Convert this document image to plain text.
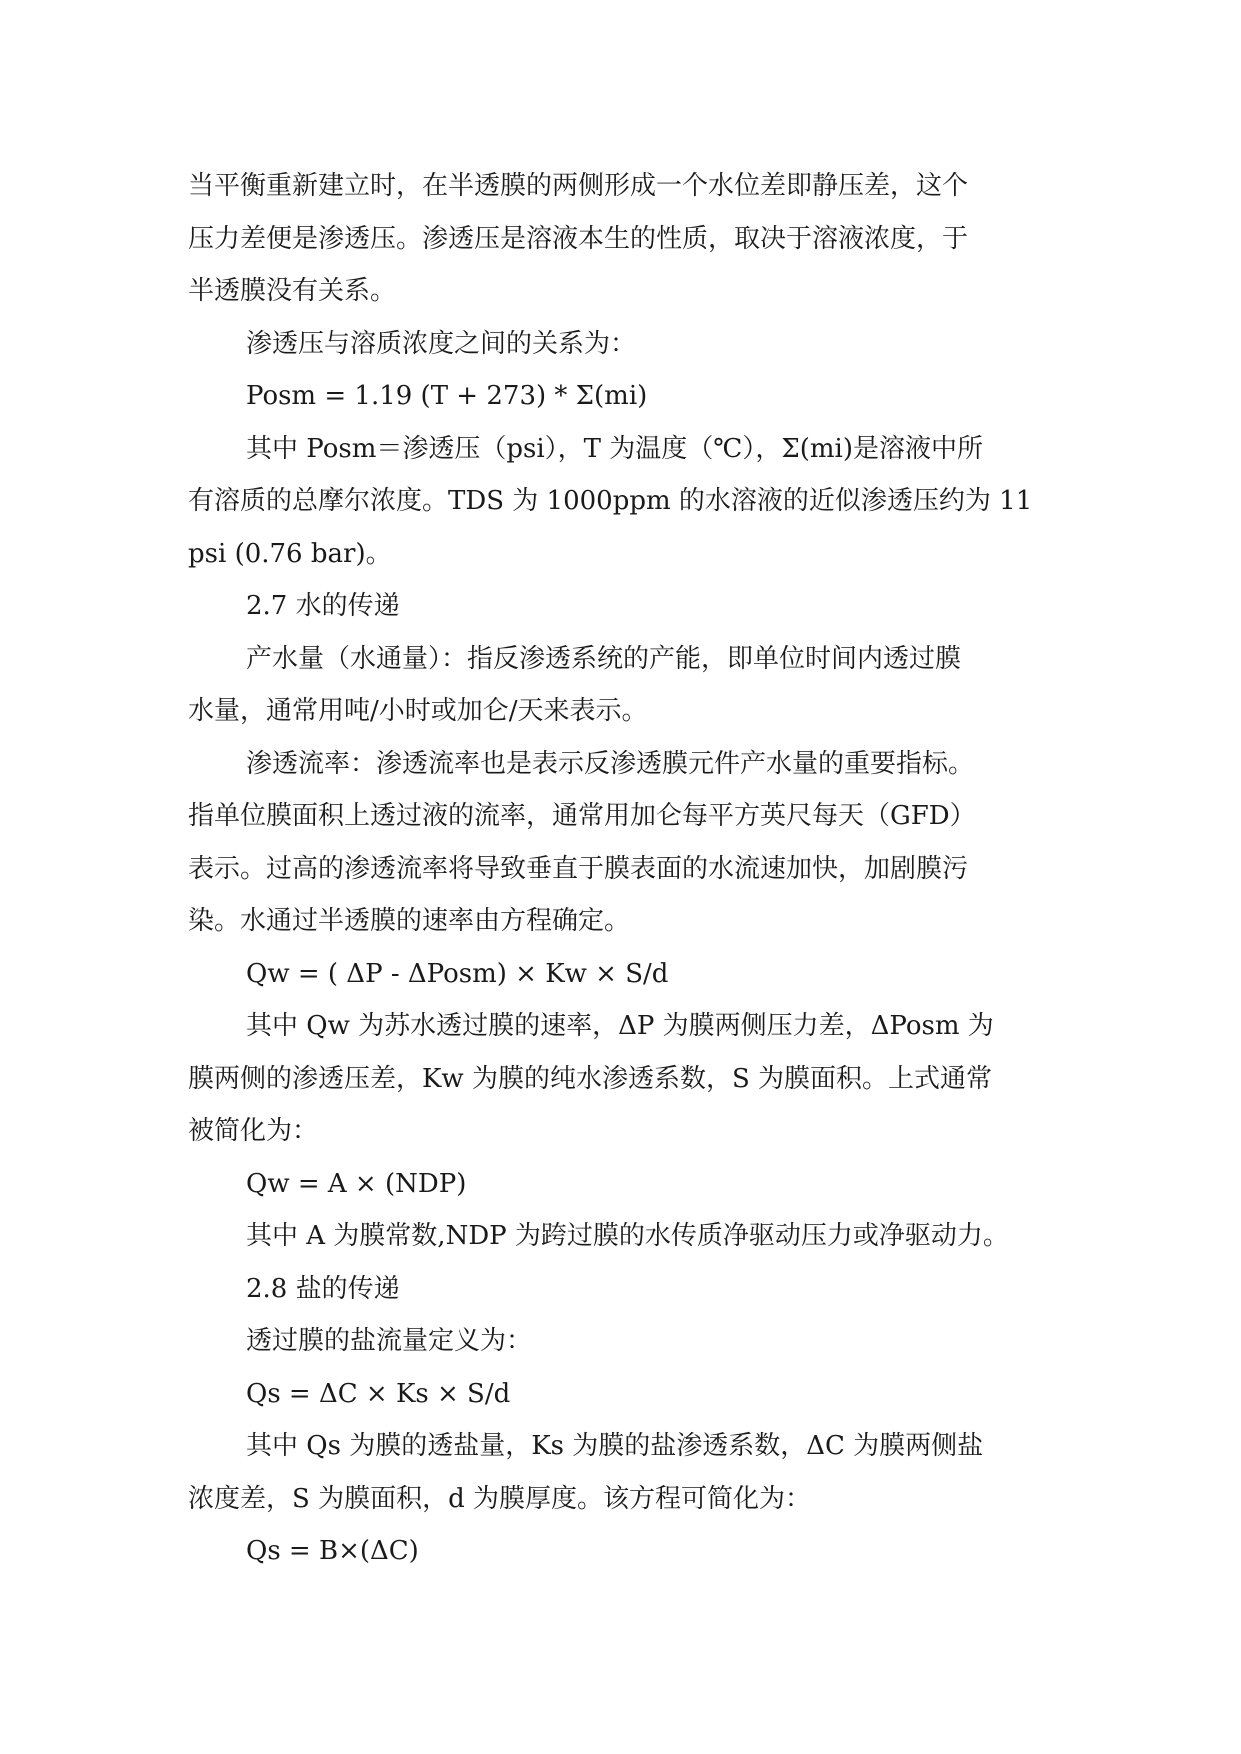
当平衡重新建立时，在半透膜的两侧形成一个水位差即静压差，这个
压力差便是渗透压。渗透压是溶液本生的性质，取决于溶液浓度，于
半透膜没有关系。
渗透压与溶质浓度之间的关系为：
Posm = 1.19 (T + 273) * Σ(mi)
其中 Posm＝渗透压（psi），T 为温度（℃），Σ(mi)是溶液中所
有溶质的总摩尔浓度。TDS 为 1000ppm 的水溶液的近似渗透压约为 11
psi (0.76 bar)。
2.7 水的传递
产水量（水通量）：指反渗透系统的产能，即单位时间内透过膜
水量，通常用吨/小时或加仑/天来表示。
渗透流率：渗透流率也是表示反渗透膜元件产水量的重要指标。
指单位膜面积上透过液的流率，通常用加仑每平方英尺每天（GFD）
表示。过高的渗透流率将导致垂直于膜表面的水流速加快，加剧膜污
染。水通过半透膜的速率由方程确定。
Qw = ( ΔP - ΔPosm) × Kw × S/d
其中 Qw 为苏水透过膜的速率，ΔP 为膜两侧压力差，ΔPosm 为
膜两侧的渗透压差，Kw 为膜的纯水渗透系数，S 为膜面积。上式通常
被简化为：
Qw = A × (NDP)
其中 A 为膜常数,NDP 为跨过膜的水传质净驱动压力或净驱动力。
2.8 盐的传递
透过膜的盐流量定义为：
Qs = ΔC × Ks × S/d
其中 Qs 为膜的透盐量，Ks 为膜的盐渗透系数，ΔC 为膜两侧盐
浓度差，S 为膜面积，d 为膜厚度。该方程可简化为：
Qs = B×(ΔC)
